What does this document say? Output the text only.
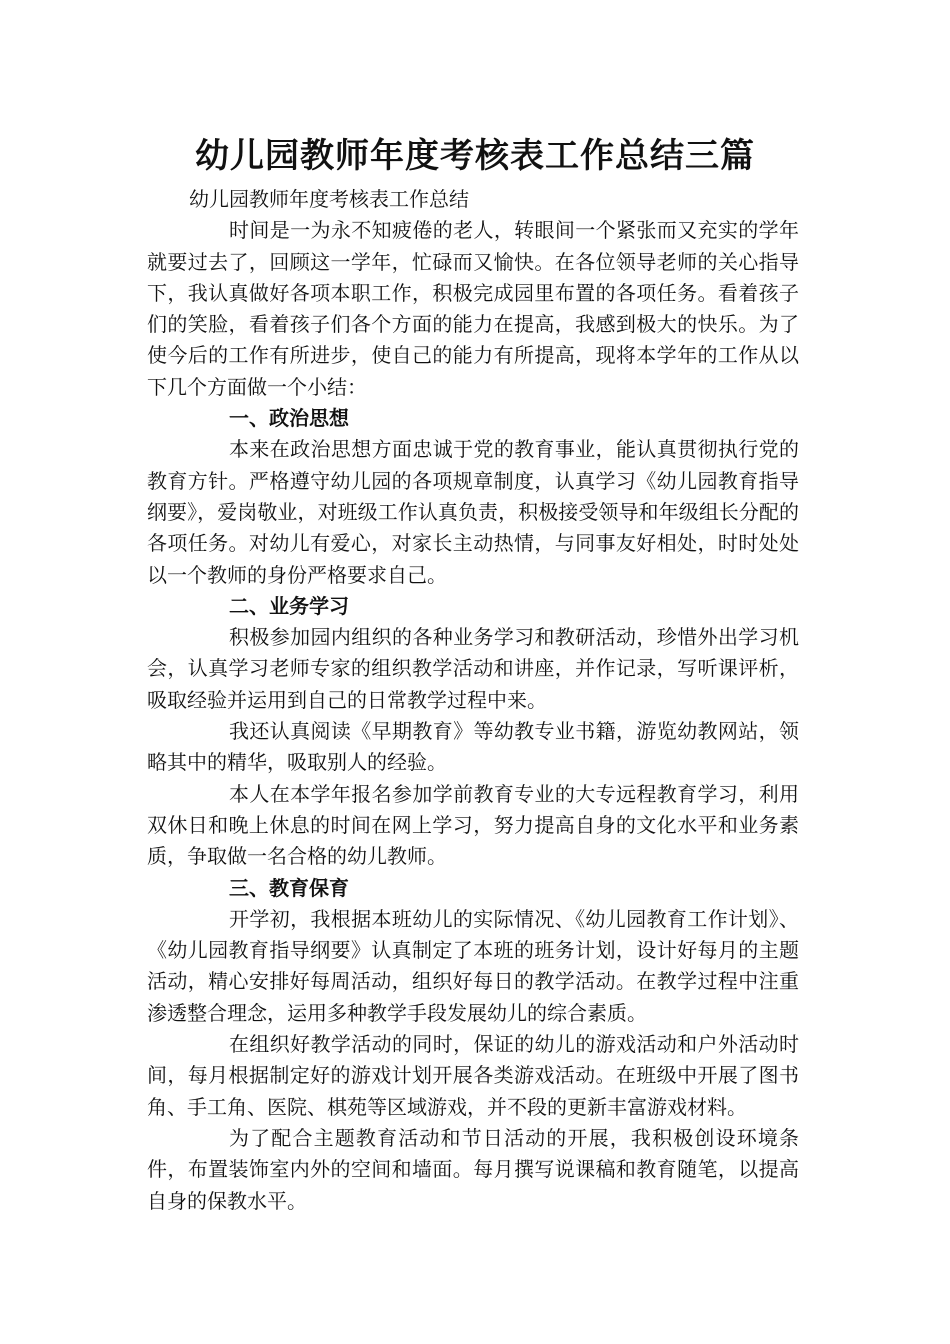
幼儿园教师年度考核表工作总结三篇

幼儿园教师年度考核表工作总结

时间是一为永不知疲倦的老人，转眼间一个紧张而又充实的学年就要过去了，回顾这一学年，忙碌而又愉快。在各位领导老师的关心指导下，我认真做好各项本职工作，积极完成园里布置的各项任务。看着孩子们的笑脸，看着孩子们各个方面的能力在提高，我感到极大的快乐。为了使今后的工作有所进步，使自己的能力有所提高，现将本学年的工作从以下几个方面做一个小结：

一、政治思想

本来在政治思想方面忠诚于党的教育事业，能认真贯彻执行党的教育方针。严格遵守幼儿园的各项规章制度，认真学习《幼儿园教育指导纲要》，爱岗敬业，对班级工作认真负责，积极接受领导和年级组长分配的各项任务。对幼儿有爱心，对家长主动热情，与同事友好相处，时时处处以一个教师的身份严格要求自己。

二、业务学习

积极参加园内组织的各种业务学习和教研活动，珍惜外出学习机会，认真学习老师专家的组织教学活动和讲座，并作记录，写听课评析，吸取经验并运用到自己的日常教学过程中来。

我还认真阅读《早期教育》等幼教专业书籍，游览幼教网站，领略其中的精华，吸取别人的经验。

本人在本学年报名参加学前教育专业的大专远程教育学习，利用双休日和晚上休息的时间在网上学习，努力提高自身的文化水平和业务素质，争取做一名合格的幼儿教师。

三、教育保育

开学初，我根据本班幼儿的实际情况、《幼儿园教育工作计划》、《幼儿园教育指导纲要》认真制定了本班的班务计划，设计好每月的主题活动，精心安排好每周活动，组织好每日的教学活动。在教学过程中注重渗透整合理念，运用多种教学手段发展幼儿的综合素质。

在组织好教学活动的同时，保证的幼儿的游戏活动和户外活动时间，每月根据制定好的游戏计划开展各类游戏活动。在班级中开展了图书角、手工角、医院、棋苑等区域游戏，并不段的更新丰富游戏材料。

为了配合主题教育活动和节日活动的开展，我积极创设环境条件，布置装饰室内外的空间和墙面。每月撰写说课稿和教育随笔，以提高自身的保教水平。
